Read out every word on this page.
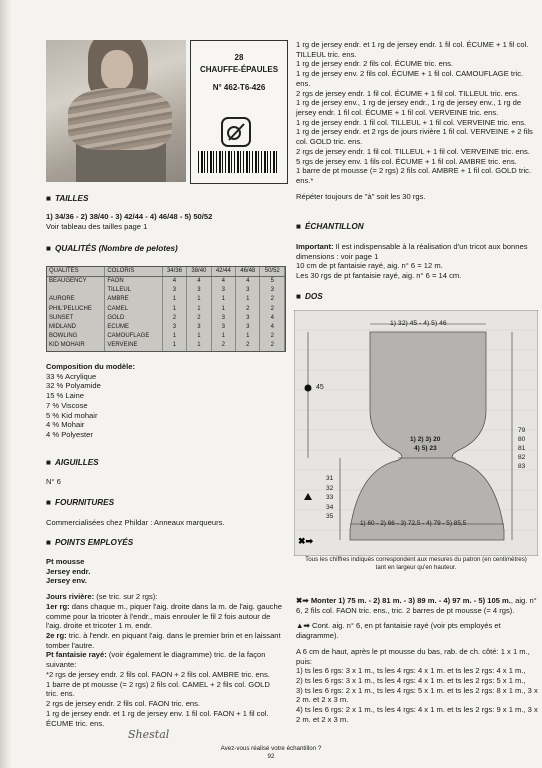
28
CHAUFFE-ÉPAULES
N° 462-T6-426
■ TAILLES

1) 34/36 - 2) 38/40 - 3) 42/44 - 4) 46/48 - 5) 50/52

Voir tableau des tailles page 1

■ QUALITÉS (Nombre de pelotes)
QUALITES	COLORIS	34/36	38/40	42/44	46/48	50/52
BEAUGENCY	FAON	4	4	4	4	5
	TILLEUL	3	3	3	3	3
AURORE	AMBRE	1	1	1	1	2
PHIL'PELUCHE	CAMEL	1	1	1	2	2
SUNSET	GOLD	2	2	3	3	4
MIDLAND	ECUME	3	3	3	3	4
BOWLING	CAMOUFLAGE	1	1	1	1	2
KID MOHAIR	VERVEINE	1	1	2	2	2

Composition du modèle:

33 % Acrylique

32 % Polyamide

15 % Laine

7 % Viscose

5 % Kid mohair

4 % Mohair

4 % Polyester

■ AIGUILLES
N° 6
■ FOURNITURES
Commercialisées chez Phildar : Anneaux marqueurs.
■ POINTS EMPLOYÉS

Pt mousse

Jersey endr.

Jersey env.

Jours rivière: (se tric. sur 2 rgs):

1er rg: dans chaque m., piquer l'aig. droite dans la m. de l'aig. gauche comme pour la tricoter à l'endr., mais enrouler le fil 2 fois autour de l'aig. droite et tricoter 1 m. endr.

2e rg: tric. à l'endr. en piquant l'aig. dans le premier brin et en laissant tomber l'autre.

Pt fantaisie rayé: (voir également le diagramme) tric. de la façon suivante:

*2 rgs de jersey endr. 2 fils col. FAON + 2 fils col. AMBRE tric. ens.

1 barre de pt mousse (= 2 rgs) 2 fils col. CAMEL + 2 fils col. GOLD tric. ens.

2 rgs de jersey endr. 2 fils col. FAON tric. ens.

1 rg de jersey endr. et 1 rg de jersey env. 1 fil col. FAON + 1 fil col. ÉCUME tric. ens.

1 rg de jersey endr. et 1 rg de jersey endr. 1 fil col. ÉCUME + 1 fil col. TILLEUL tric. ens.

1 rg de jersey endr. 2 fils col. ÉCUME tric. ens.

1 rg de jersey env. 2 fils col. ÉCUME + 1 fil col. CAMOUFLAGE tric. ens.

2 rgs de jersey endr. 1 fil col. ÉCUME + 1 fil col. TILLEUL tric. ens.

1 rg de jersey env., 1 rg de jersey endr., 1 rg de jersey env., 1 rg de jersey endr. 1 fil col. ÉCUME + 1 fil col. VERVEINE tric. ens.

1 rg de jersey endr. 1 fil col. TILLEUL + 1 fil col. VERVEINE tric. ens.

1 rg de jersey endr. et 2 rgs de jours rivière 1 fil col. VERVEINE + 2 fils col. GOLD tric. ens.

2 rgs de jersey endr. 1 fil col. TILLEUL + 1 fil col. VERVEINE tric. ens.

5 rgs de jersey env. 1 fils col. ÉCUME + 1 fil col. AMBRE tric. ens.

1 barre de pt mousse (= 2 rgs) 2 fils col. AMBRE + 1 fil col. GOLD tric. ens.*

Répéter toujours de "à" soit les 30 rgs.

■ ÉCHANTILLON

Important: Il est indispensable à la réalisation d'un tricot aux bonnes dimensions : voir page 1

10 cm de pt fantaisie rayé, aig. n° 6 = 12 m.

Les 30 rgs de pt fantaisie rayé, aig. n° 6 = 14 cm.

■ DOS
✖➡
1) 32) 45 - 4) 5) 46
45
1) 2) 3) 20
4) 5) 23
79
80
81
82
83
31
32
33
34
35
1) 60 - 2) 66 - 3) 72,5 - 4) 79 - 5) 85,5
Tous les chiffres indiqués correspondent aux mesures du patron (en centimètres) tant en largeur qu'en hauteur.

✖➡ Monter 1) 75 m. - 2) 81 m. - 3) 89 m. - 4) 97 m. - 5) 105 m., aig. n° 6, 2 fils col. FAON tric. ens., tric. 2 barres de pt mousse (= 4 rgs).

▲➡ Cont. aig. n° 6, en pt fantaisie rayé (voir pts employés et diagramme).

A 6 cm de haut, après le pt mousse du bas, rab. de ch. côté: 1 x 1 m., puis:

1) ts les 6 rgs: 3 x 1 m., ts les 4 rgs: 4 x 1 m. et ts les 2 rgs: 4 x 1 m.,

2) ts les 6 rgs: 3 x 1 m., ts les 4 rgs: 4 x 1 m. et ts les 2 rgs: 5 x 1 m.,

3) ts les 6 rgs: 2 x 1 m., ts les 4 rgs: 5 x 1 m. et ts les 2 rgs: 8 x 1 m., 3 x 2 m. et 2 x 3 m.

4) ts les 6 rgs: 2 x 1 m., ts les 4 rgs: 4 x 1 m. et ts les 2 rgs: 9 x 1 m., 3 x 2 m. et 2 x 3 m.

Shestal
Avez-vous réalisé votre échantillon ?
92
